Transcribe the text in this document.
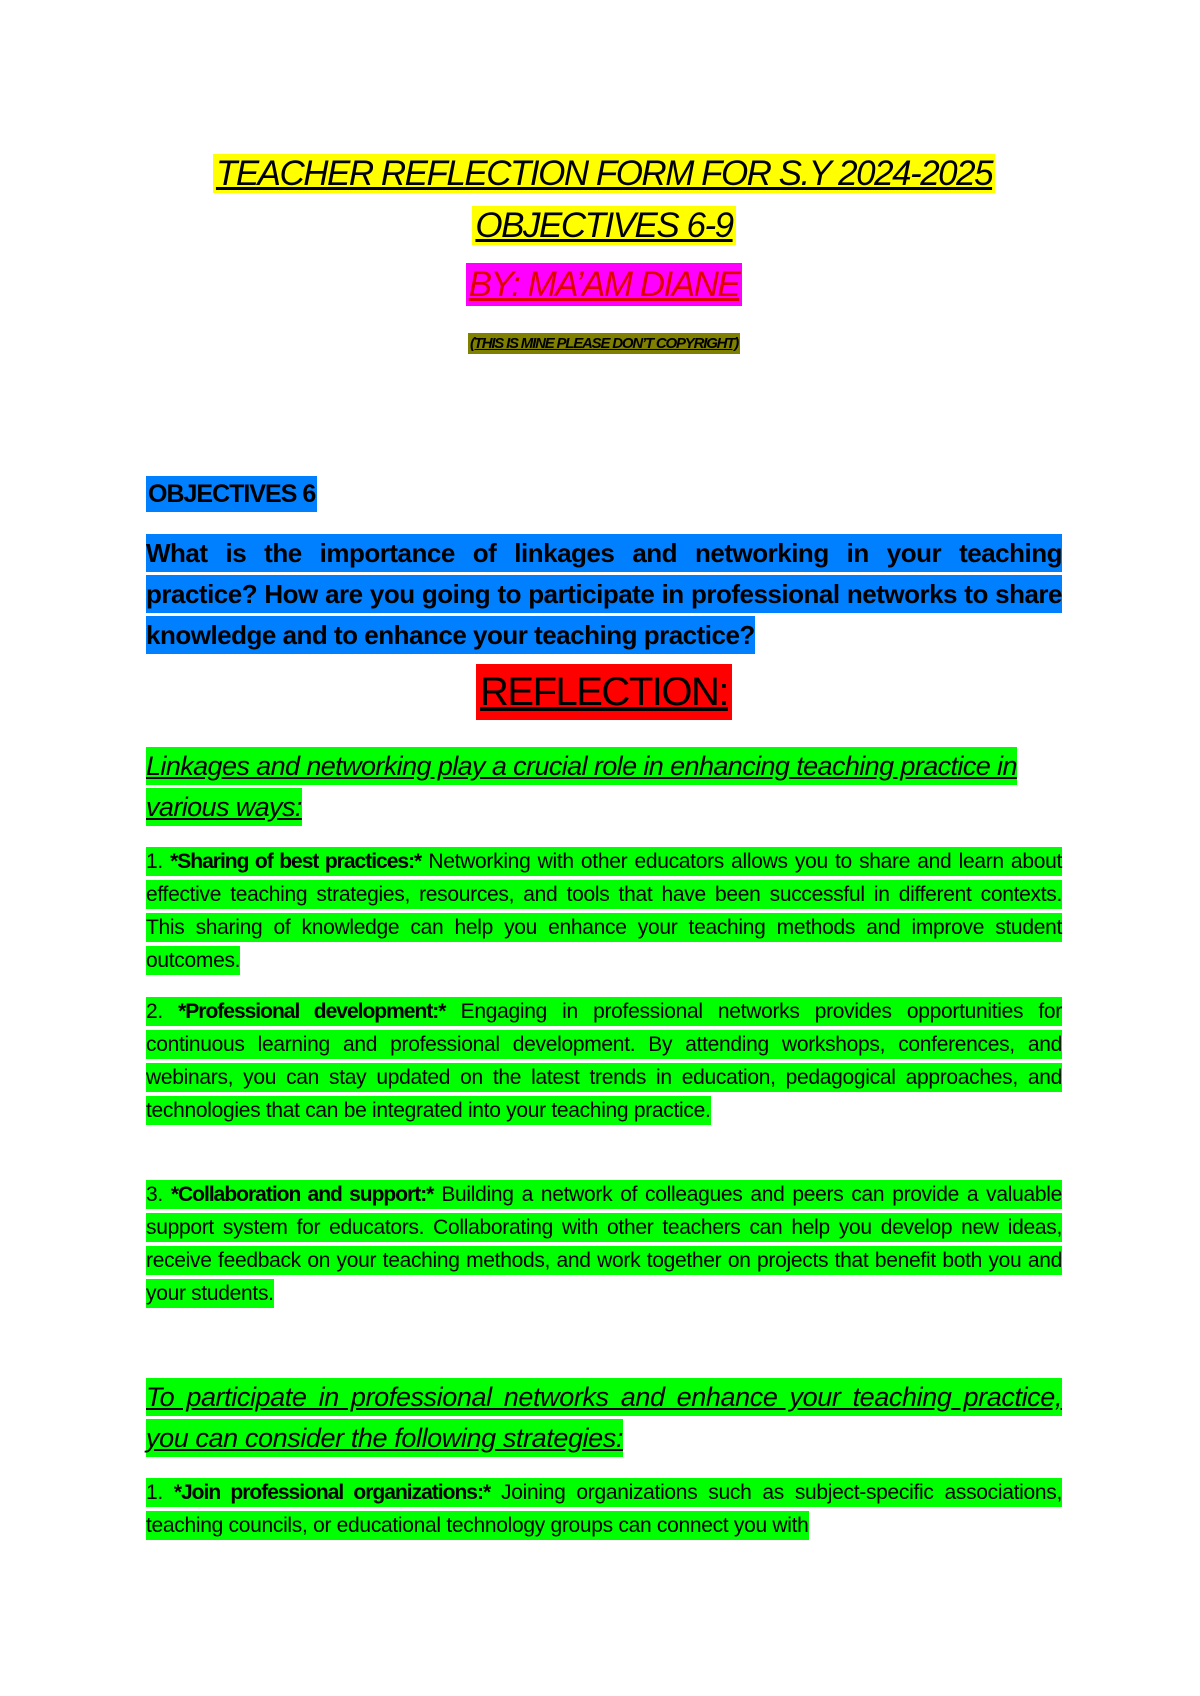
TEACHER REFLECTION FORM FOR S.Y 2024-2025
OBJECTIVES 6-9
BY: MA’AM DIANE
(THIS IS MINE PLEASE DON’T COPYRIGHT)
OBJECTIVES 6
What is the importance of linkages and networking in your teaching practice? How are you going to participate in professional networks to share knowledge and to enhance your teaching practice?
REFLECTION:
Linkages and networking play a crucial role in enhancing teaching practice in various ways:
1. *Sharing of best practices:* Networking with other educators allows you to share and learn about effective teaching strategies, resources, and tools that have been successful in different contexts. This sharing of knowledge can help you enhance your teaching methods and improve student outcomes.
2. *Professional development:* Engaging in professional networks provides opportunities for continuous learning and professional development. By attending workshops, conferences, and webinars, you can stay updated on the latest trends in education, pedagogical approaches, and technologies that can be integrated into your teaching practice.
3. *Collaboration and support:* Building a network of colleagues and peers can provide a valuable support system for educators. Collaborating with other teachers can help you develop new ideas, receive feedback on your teaching methods, and work together on projects that benefit both you and your students.
To participate in professional networks and enhance your teaching practice, you can consider the following strategies:
1. *Join professional organizations:* Joining organizations such as subject-specific associations, teaching councils, or educational technology groups can connect you with
